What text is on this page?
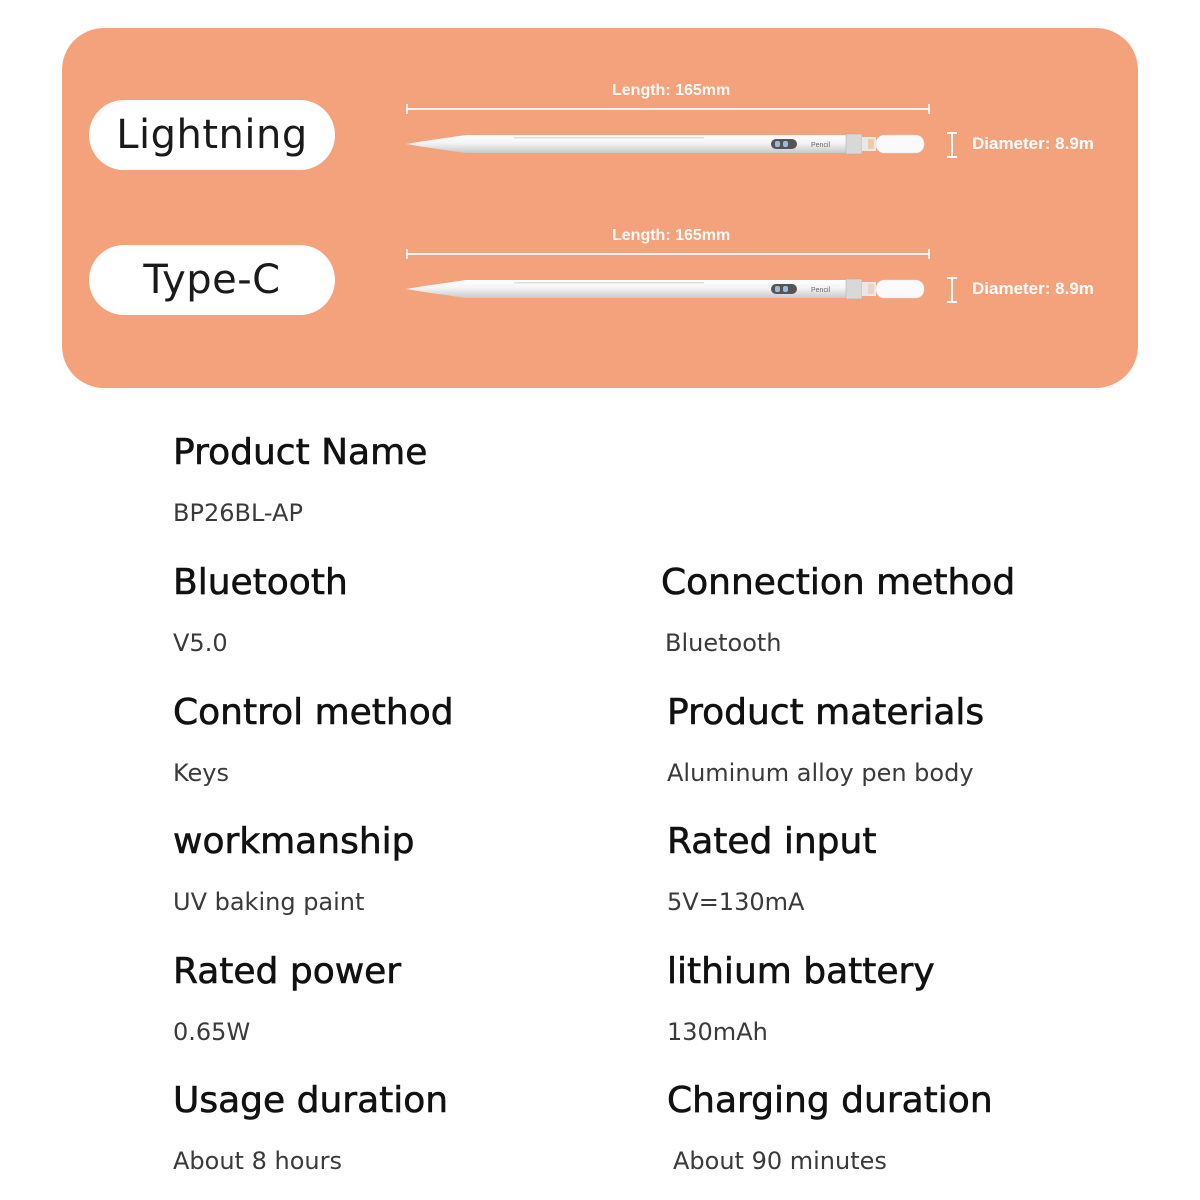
Lightning
Length: 165mm
Pencil	Diameter: 8.9m
Type-C
Length: 165mm
Pencil	Diameter: 8.9m
Product Name
BP26BL-AP
Bluetooth
V5.0
Connection method
Bluetooth
Control method
Keys
Product materials
Aluminum alloy pen body
workmanship
UV baking paint
Rated input
5V=130mA
Rated power
0.65W
lithium battery
130mAh
Usage duration
About 8 hours
Charging duration
About 90 minutes
